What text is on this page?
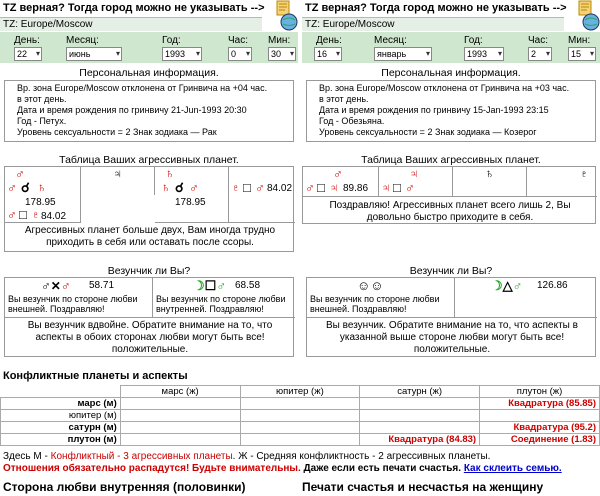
TZ верная? Тогда город можно не указывать -->
TZ: Europe/Moscow
День:	Месяц:	Год:	Час: Мин:
22 ▾	июнь ▾	1993 ▾	0 ▾	30 ▾
Персональная информация.
Вр. зона Europe/Moscow отклонена от Гринвича на +04 час.
в этот день.
Дата и время рождения по гринвичу 21-Jun-1993 20:30
Год - Петух.
Уровень сексуальности = 2 Знак зодиака — Рак
Таблица Ваших агрессивных планет.
♂
♂ ☌ ♄
178.95
♂ □ ♇ 84.02
♃	♄
♄ ☌ ♂
178.95
♇ □ ♂ 84.02
Агрессивных планет больше двух, Вам иногда трудно приходить в себя или оставать после ссоры.
Везунчик ли Вы?
♂✕♂ 58.71
Вы везунчик по стороне любви внешней. Поздравляю!
☽☐♂ 68.58
Вы везунчик по стороне любви внутренней. Поздравляю!
Вы везунчик вдвойне. Обратите внимание на то, что аспекты в обоих сторонах любви могут быть все! положительные.
TZ верная? Тогда город можно не указывать -->
TZ: Europe/Moscow
День:	Месяц:	Год:	Час: Мин:
16 ▾	январь ▾	1993 ▾	2 ▾	15 ▾
Персональная информация.
Вр. зона Europe/Moscow отклонена от Гринвича на +03 час.
в этот день.
Дата и время рождения по гринвичу 15-Jan-1993 23:15
Год - Обезьяна.
Уровень сексуальности = 2 Знак зодиака — Козерог
Таблица Ваших агрессивных планет.
♂
♂ □ ♃ 89.86
♃
♃ □ ♂
♄	♇
Поздравляю! Агрессивных планет всего лишь 2, Вы довольно быстро приходите в себя.
Везунчик ли Вы?
☺☺
Вы везунчик по стороне любви внешней. Поздравляю!
☽△♂ 126.86
Вы везунчик. Обратите внимание на то, что аспекты в указанной выше стороне любви могут быть все! положительные.
Конфликтные планеты и аспекты
	марс (ж)	юпитер (ж)	сатурн (ж)	плутон (ж)
марс (м)				Квадратура (85.85)
юпитер (м)				
сатурн (м)				Квадратура (95.2)
плутон (м)			Квадратура (84.83)	Соединение (1.83)
Здесь М - Конфликтный - 3 агрессивных планеты. Ж - Средняя конфликтность - 2 агрессивных планеты.
Отношения обязательно распадутся! Будьте внимательны. Даже если есть печати счастья. Как склеить семью.
Сторона любви внутренняя (половинки)	Печати счастья и несчастья на женщину
